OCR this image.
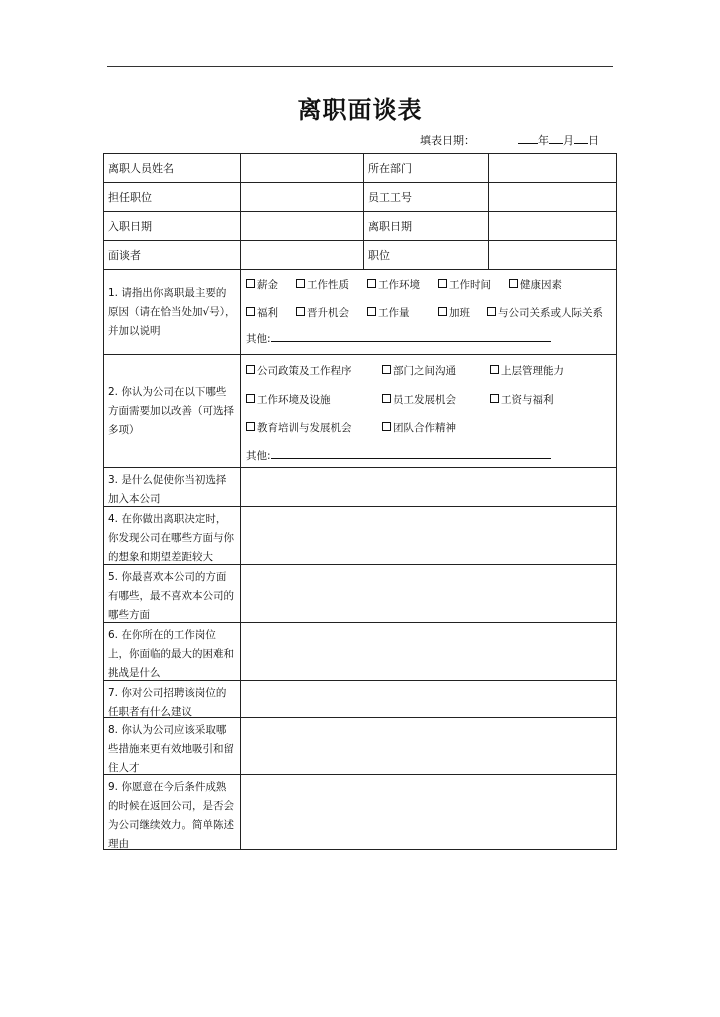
离职面谈表
填表日期：	年 月 日
离职人员姓名	所在部门
担任职位	员工工号
入职日期	离职日期
面谈者	职位
1. 请指出你离职最主要的原因（请在恰当处加√号），并加以说明
薪金	工作性质	工作环境	工作时间	健康因素
福利	晋升机会	工作量	加班	与公司关系或人际关系
其他:
2. 你认为公司在以下哪些方面需要加以改善（可选择多项）
公司政策及工作程序	部门之间沟通	上层管理能力
工作环境及设施	员工发展机会	工资与福利
教育培训与发展机会	团队合作精神
其他:
3. 是什么促使你当初选择加入本公司
4. 在你做出离职决定时，你发现公司在哪些方面与你的想象和期望差距较大
5. 你最喜欢本公司的方面有哪些，最不喜欢本公司的哪些方面
6. 在你所在的工作岗位上，你面临的最大的困难和挑战是什么
7. 你对公司招聘该岗位的任职者有什么建议
8. 你认为公司应该采取哪些措施来更有效地吸引和留住人才
9. 你愿意在今后条件成熟的时候在返回公司，是否会为公司继续效力。简单陈述理由
